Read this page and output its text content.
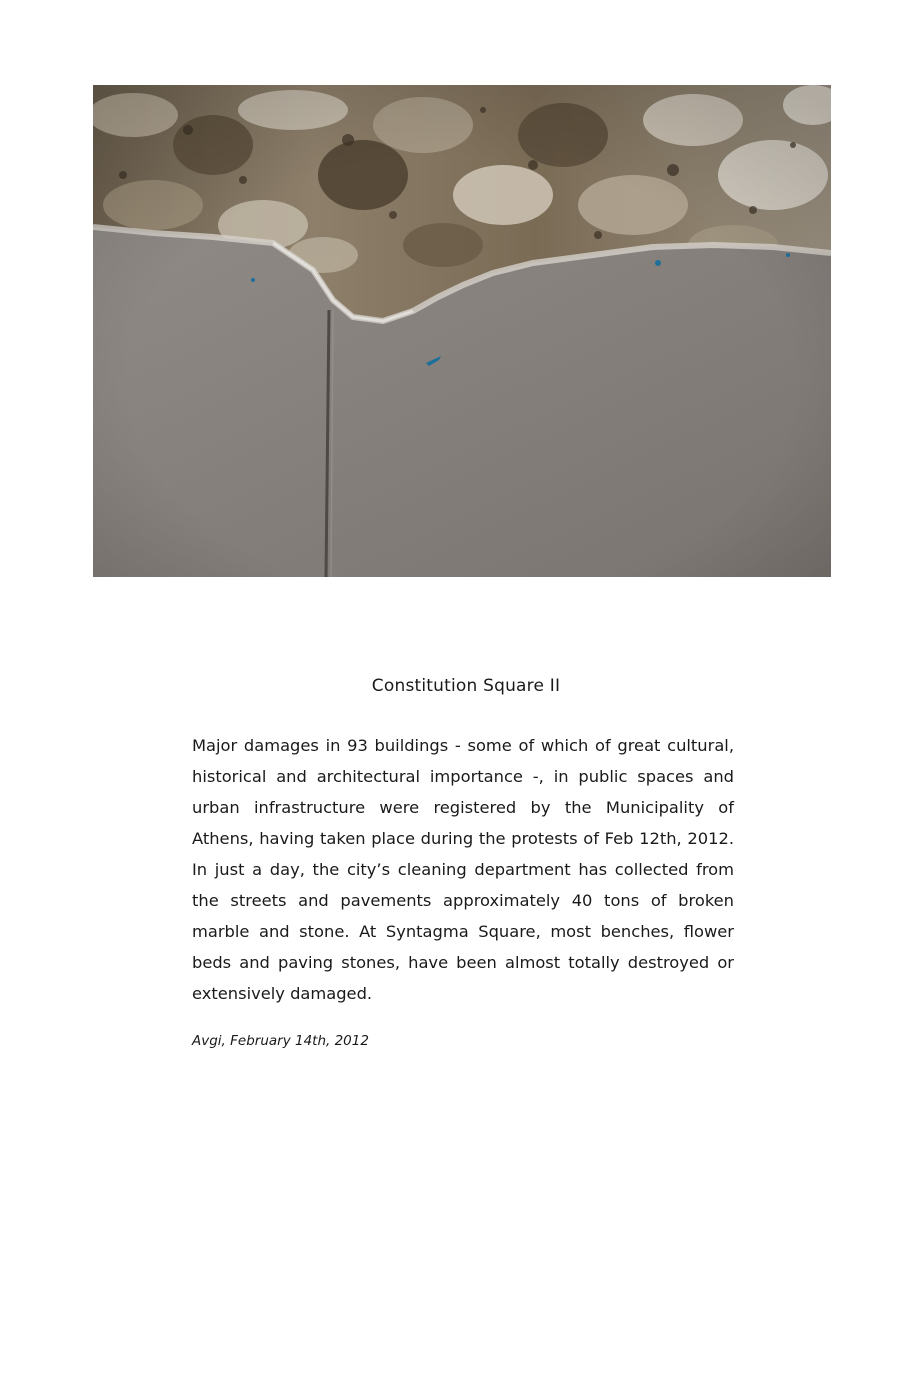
Constitution Square II

Major damages in 93 buildings - some of which of great cultural, historical and architectural importance -, in public spaces and urban infrastructure were registered by the Municipality of Athens, having taken place during the protests of Feb 12th, 2012. In just a day, the city’s cleaning department has collected from the streets and pavements approximately 40 tons of broken marble and stone. At Syntagma Square, most benches, flower beds and paving stones, have been almost totally destroyed or extensively damaged.

Avgi, February 14th, 2012
